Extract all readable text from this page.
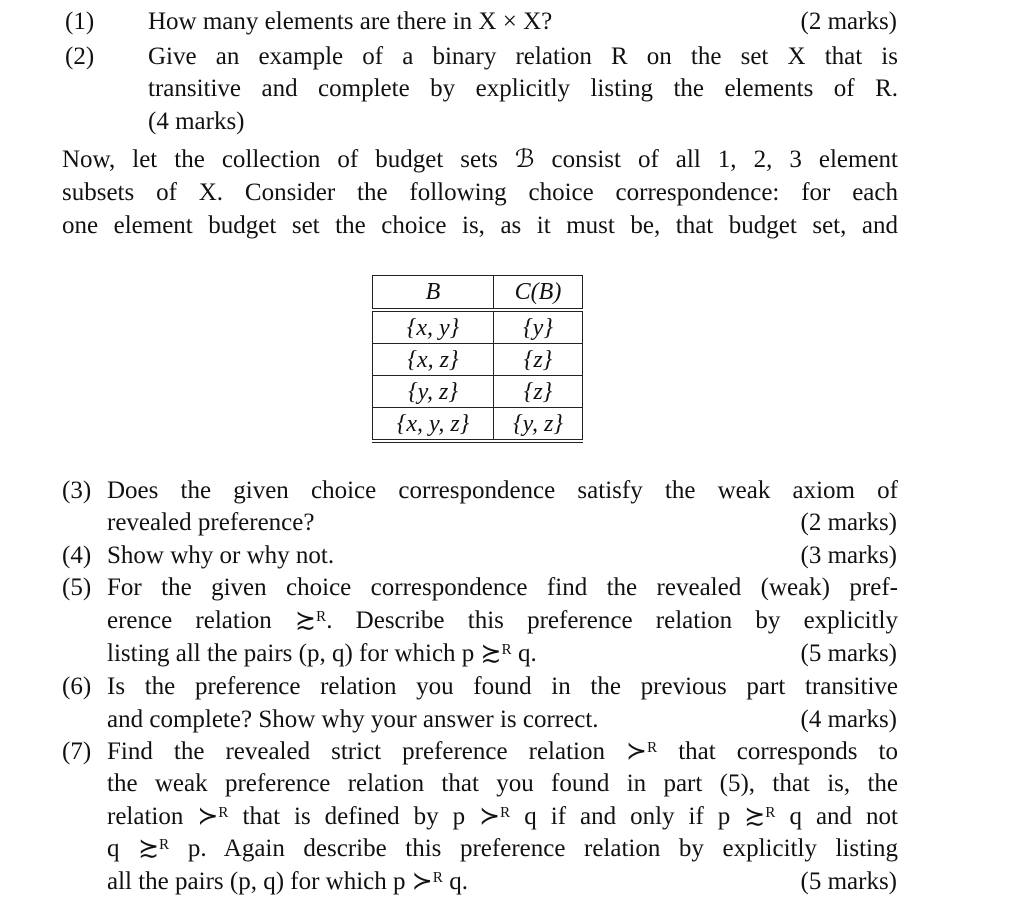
(1) How many elements are there in X × X?	(2 marks)
(2) Give an example of a binary relation R on the set X that is
transitive and complete by explicitly listing the elements of R.
(4 marks)
Now, let the collection of budget sets ℬ consist of all 1, 2, 3 element
subsets of X. Consider the following choice correspondence: for each
one element budget set the choice is, as it must be, that budget set, and
B	C(B)
{x, y}	{y}
{x, z}	{z}
{y, z}	{z}
{x, y, z}	{y, z}
(3) Does the given choice correspondence satisfy the weak axiom of
revealed preference?	(2 marks)
(4) Show why or why not.	(3 marks)
(5) For the given choice correspondence find the revealed (weak) pref-
erence relation ≿ᴿ. Describe this preference relation by explicitly
listing all the pairs (p, q) for which p ≿ᴿ q.	(5 marks)
(6) Is the preference relation you found in the previous part transitive
and complete? Show why your answer is correct.	(4 marks)
(7) Find the revealed strict preference relation ≻ᴿ that corresponds to
the weak preference relation that you found in part (5), that is, the
relation ≻ᴿ that is defined by p ≻ᴿ q if and only if p ≿ᴿ q and not
q ≿ᴿ p. Again describe this preference relation by explicitly listing
all the pairs (p, q) for which p ≻ᴿ q.	(5 marks)
